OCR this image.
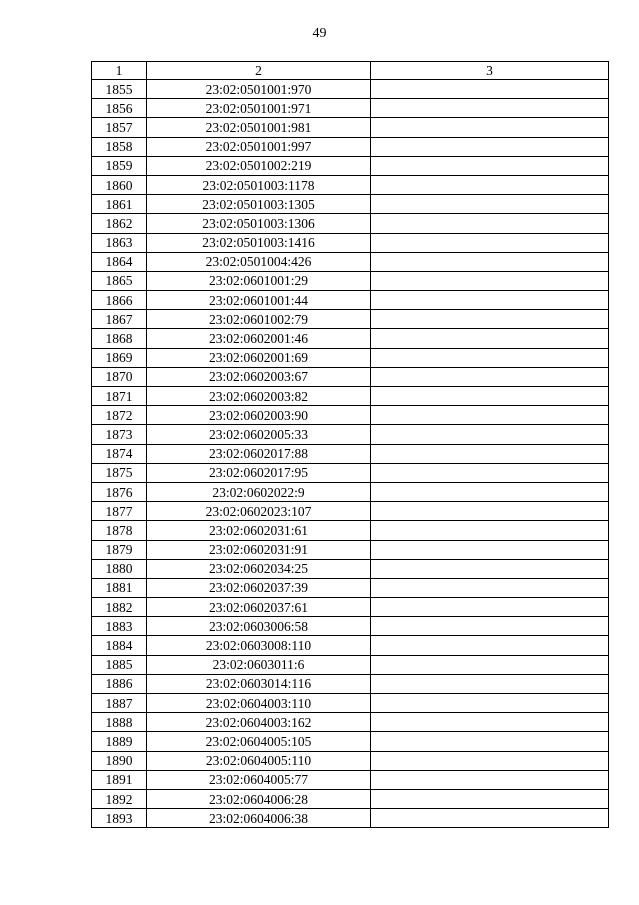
49
1	2	3
1855	23:02:0501001:970	
1856	23:02:0501001:971	
1857	23:02:0501001:981	
1858	23:02:0501001:997	
1859	23:02:0501002:219	
1860	23:02:0501003:1178	
1861	23:02:0501003:1305	
1862	23:02:0501003:1306	
1863	23:02:0501003:1416	
1864	23:02:0501004:426	
1865	23:02:0601001:29	
1866	23:02:0601001:44	
1867	23:02:0601002:79	
1868	23:02:0602001:46	
1869	23:02:0602001:69	
1870	23:02:0602003:67	
1871	23:02:0602003:82	
1872	23:02:0602003:90	
1873	23:02:0602005:33	
1874	23:02:0602017:88	
1875	23:02:0602017:95	
1876	23:02:0602022:9	
1877	23:02:0602023:107	
1878	23:02:0602031:61	
1879	23:02:0602031:91	
1880	23:02:0602034:25	
1881	23:02:0602037:39	
1882	23:02:0602037:61	
1883	23:02:0603006:58	
1884	23:02:0603008:110	
1885	23:02:0603011:6	
1886	23:02:0603014:116	
1887	23:02:0604003:110	
1888	23:02:0604003:162	
1889	23:02:0604005:105	
1890	23:02:0604005:110	
1891	23:02:0604005:77	
1892	23:02:0604006:28	
1893	23:02:0604006:38	
